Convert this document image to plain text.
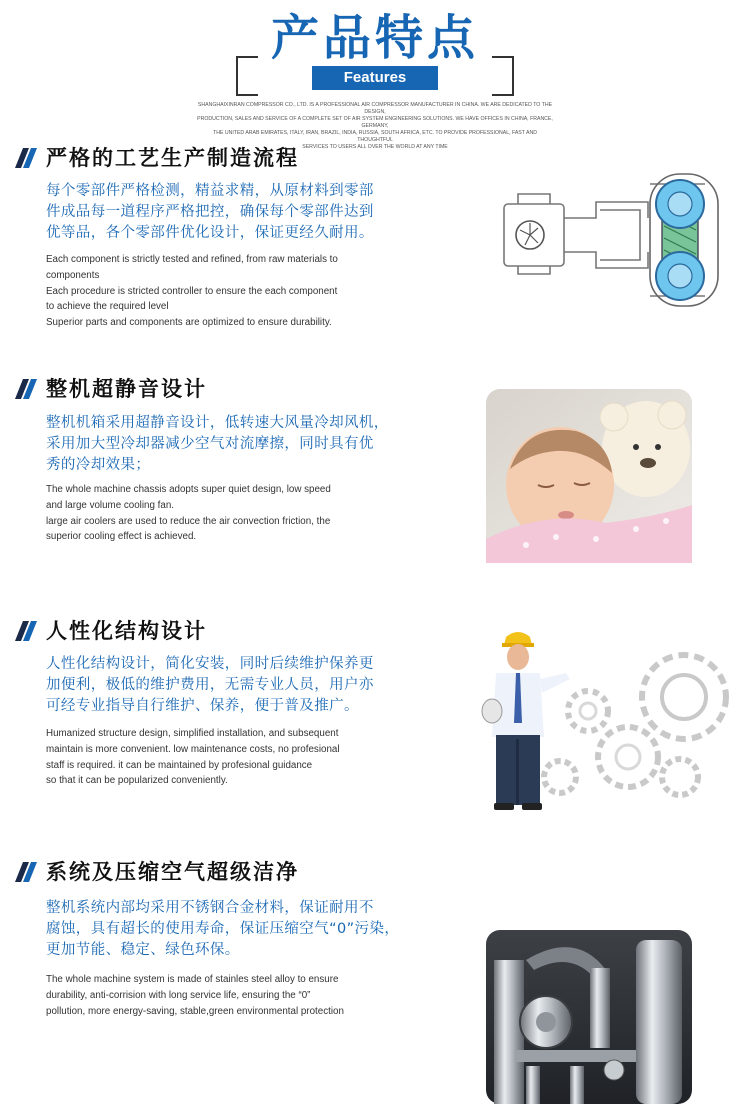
产品特点
Features
SHANGHAIXINRAN COMPRESSOR CO., LTD. IS A PROFESSIONAL AIR COMPRESSOR MANUFACTURER IN CHINA. WE ARE DEDICATED TO THE DESIGN,
PRODUCTION, SALES AND SERVICE OF A COMPLETE SET OF AIR SYSTEM ENGINEERING SOLUTIONS. WE HAVE OFFICES IN CHINA, FRANCE, GERMANY,
THE UNITED ARAB EMIRATES, ITALY, IRAN, BRAZIL, INDIA, RUSSIA, SOUTH AFRICA, ETC. TO PROVIDE PROFESSIONAL, FAST AND THOUGHTFUL
SERVICES TO USERS ALL OVER THE WORLD AT ANY TIME
严格的工艺生产制造流程
每个零部件严格检测，精益求精，从原材料到零部
件成品每一道程序严格把控，确保每个零部件达到
优等品，各个零部件优化设计，保证更经久耐用。
Each component is strictly tested and refined, from raw materials to
components
Each procedure is stricted controller to ensure the each component
to achieve the required level
Superior parts and components are optimized to ensure durability.
整机超静音设计
整机机箱采用超静音设计，低转速大风量冷却风机，
采用加大型冷却器减少空气对流摩擦，同时具有优
秀的冷却效果；
The whole machine chassis adopts super quiet design, low speed
and large volume cooling fan.
large air coolers are used to reduce the air convection friction, the
superior cooling effect is achieved.
人性化结构设计
人性化结构设计，简化安装，同时后续维护保养更
加便利，极低的维护费用，无需专业人员，用户亦
可经专业指导自行维护、保养，便于普及推广。
Humanized structure design, simplified installation, and subsequent
maintain is more convenient. low maintenance costs, no profesional
staff is required. it can be maintained by profesional guidance
so that it can be popularized conveniently.
系统及压缩空气超级洁净
整机系统内部均采用不锈钢合金材料，保证耐用不
腐蚀，具有超长的使用寿命，保证压缩空气“0”污染，
更加节能、稳定、绿色环保。
The whole machine system is made of stainles steel alloy to ensure
durability, anti-corrision with long service life, ensuring the “0”
pollution, more energy-saving, stable,green environmental protection
